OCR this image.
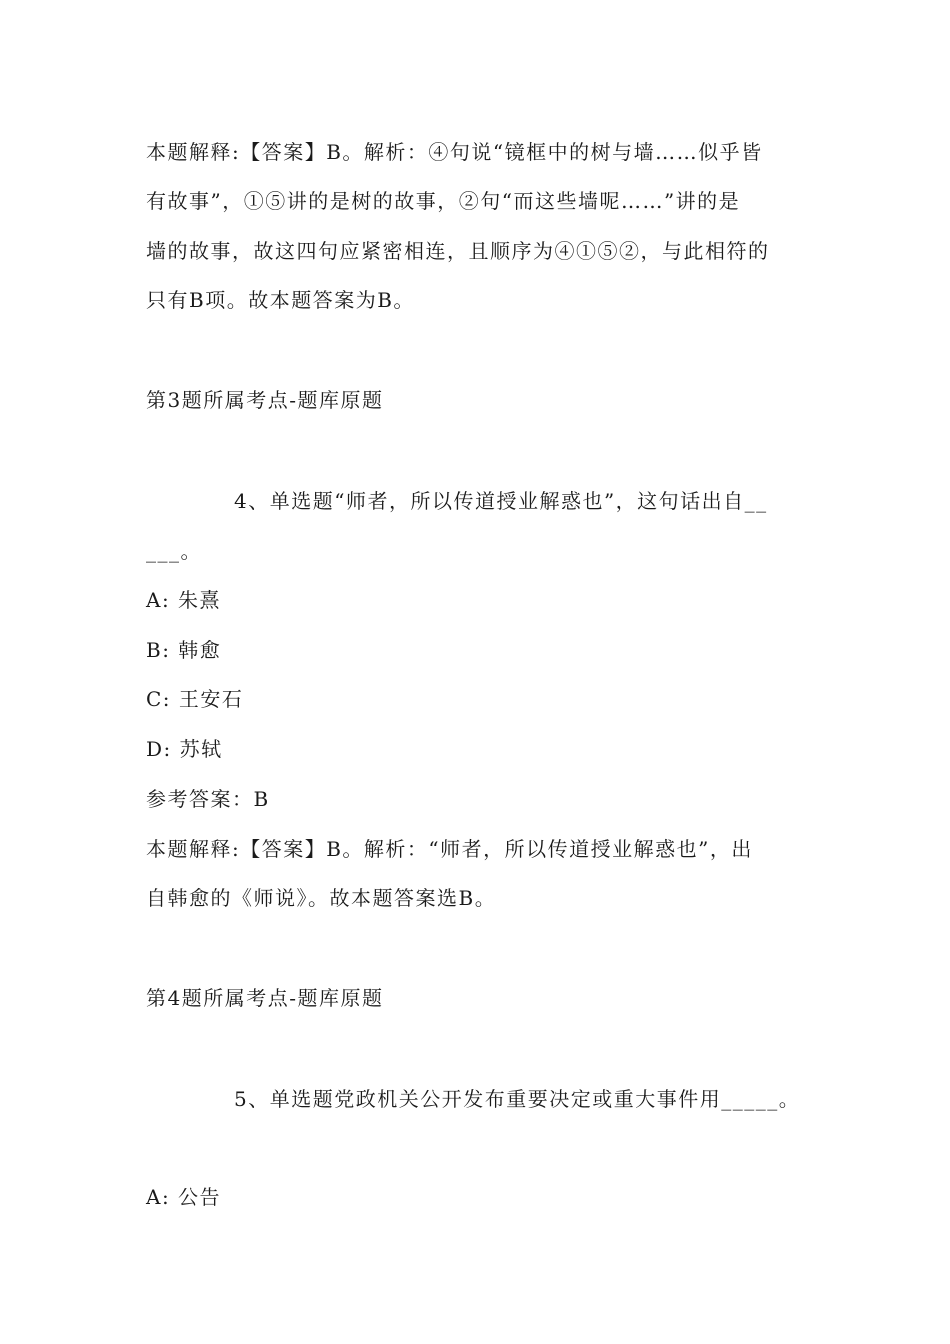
本题解释:【答案】B。解析：④句说“镜框中的树与墙……似乎皆
有故事”，①⑤讲的是树的故事，②句“而这些墙呢……”讲的是
墙的故事，故这四句应紧密相连，且顺序为④①⑤②，与此相符的
只有B项。故本题答案为B。
第3题所属考点-题库原题
4、单选题“师者，所以传道授业解惑也”，这句话出自__
___。
A: 朱熹
B: 韩愈
C: 王安石
D: 苏轼
参考答案：B
本题解释:【答案】B。解析：“师者，所以传道授业解惑也”，出
自韩愈的《师说》。故本题答案选B。
第4题所属考点-题库原题
5、单选题党政机关公开发布重要决定或重大事件用_____。
A: 公告
